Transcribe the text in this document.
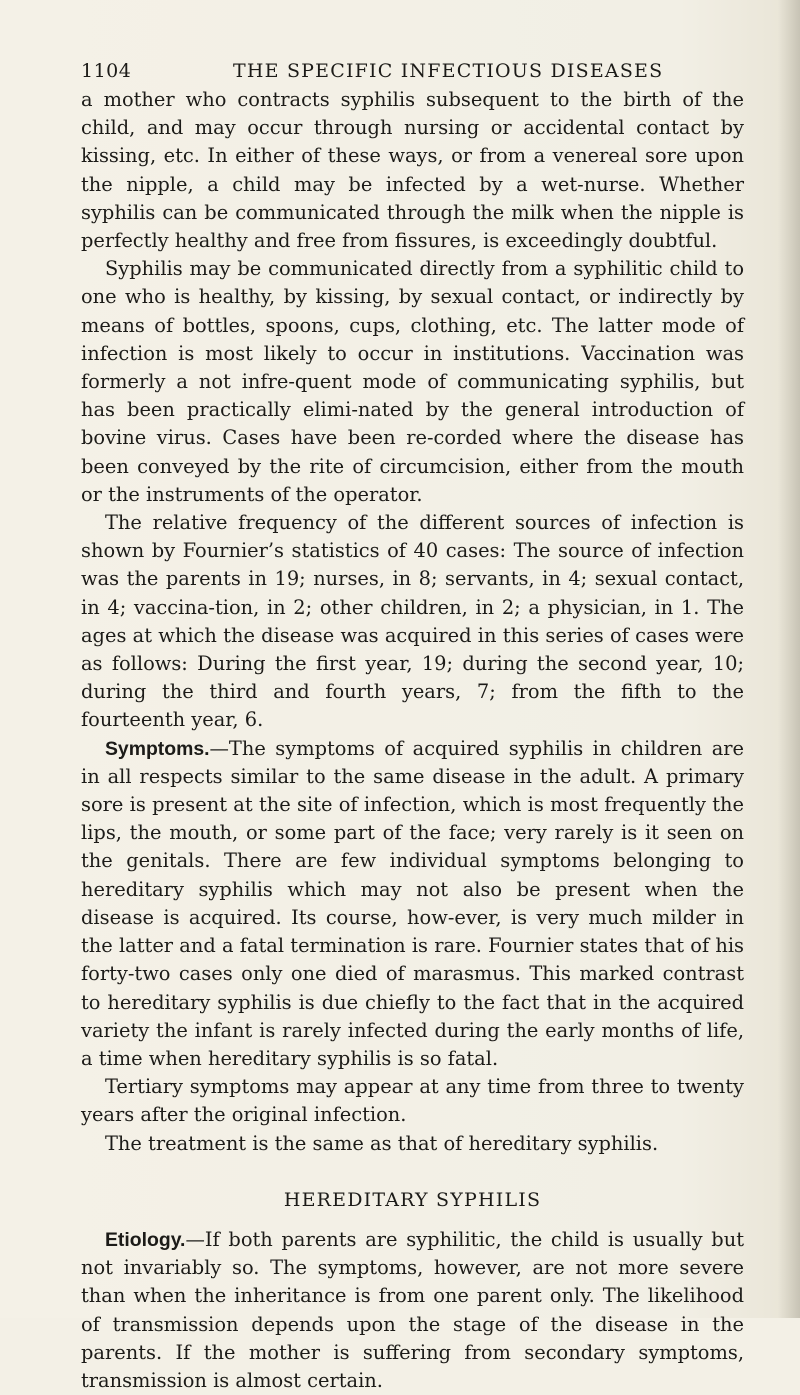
1104	THE SPECIFIC INFECTIOUS DISEASES

a mother who contracts syphilis subsequent to the birth of the child, and may occur through nursing or accidental contact by kissing, etc. In either of these ways, or from a venereal sore upon the nipple, a child may be infected by a wet-nurse. Whether syphilis can be communicated through the milk when the nipple is perfectly healthy and free from fissures, is exceedingly doubtful.

Syphilis may be communicated directly from a syphilitic child to one who is healthy, by kissing, by sexual contact, or indirectly by means of bottles, spoons, cups, clothing, etc. The latter mode of infection is most likely to occur in institutions. Vaccination was formerly a not infre-quent mode of communicating syphilis, but has been practically elimi-nated by the general introduction of bovine virus. Cases have been re-corded where the disease has been conveyed by the rite of circumcision, either from the mouth or the instruments of the operator.

The relative frequency of the different sources of infection is shown by Fournier’s statistics of 40 cases: The source of infection was the parents in 19; nurses, in 8; servants, in 4; sexual contact, in 4; vaccina-tion, in 2; other children, in 2; a physician, in 1. The ages at which the disease was acquired in this series of cases were as follows: During the first year, 19; during the second year, 10; during the third and fourth years, 7; from the fifth to the fourteenth year, 6.

Symptoms.—The symptoms of acquired syphilis in children are in all respects similar to the same disease in the adult. A primary sore is present at the site of infection, which is most frequently the lips, the mouth, or some part of the face; very rarely is it seen on the genitals. There are few individual symptoms belonging to hereditary syphilis which may not also be present when the disease is acquired. Its course, how-ever, is very much milder in the latter and a fatal termination is rare. Fournier states that of his forty-two cases only one died of marasmus. This marked contrast to hereditary syphilis is due chiefly to the fact that in the acquired variety the infant is rarely infected during the early months of life, a time when hereditary syphilis is so fatal.

Tertiary symptoms may appear at any time from three to twenty years after the original infection.

The treatment is the same as that of hereditary syphilis.

HEREDITARY SYPHILIS

Etiology.—If both parents are syphilitic, the child is usually but not invariably so. The symptoms, however, are not more severe than when the inheritance is from one parent only. The likelihood of transmission depends upon the stage of the disease in the parents. If the mother is suffering from secondary symptoms, transmission is almost certain.
